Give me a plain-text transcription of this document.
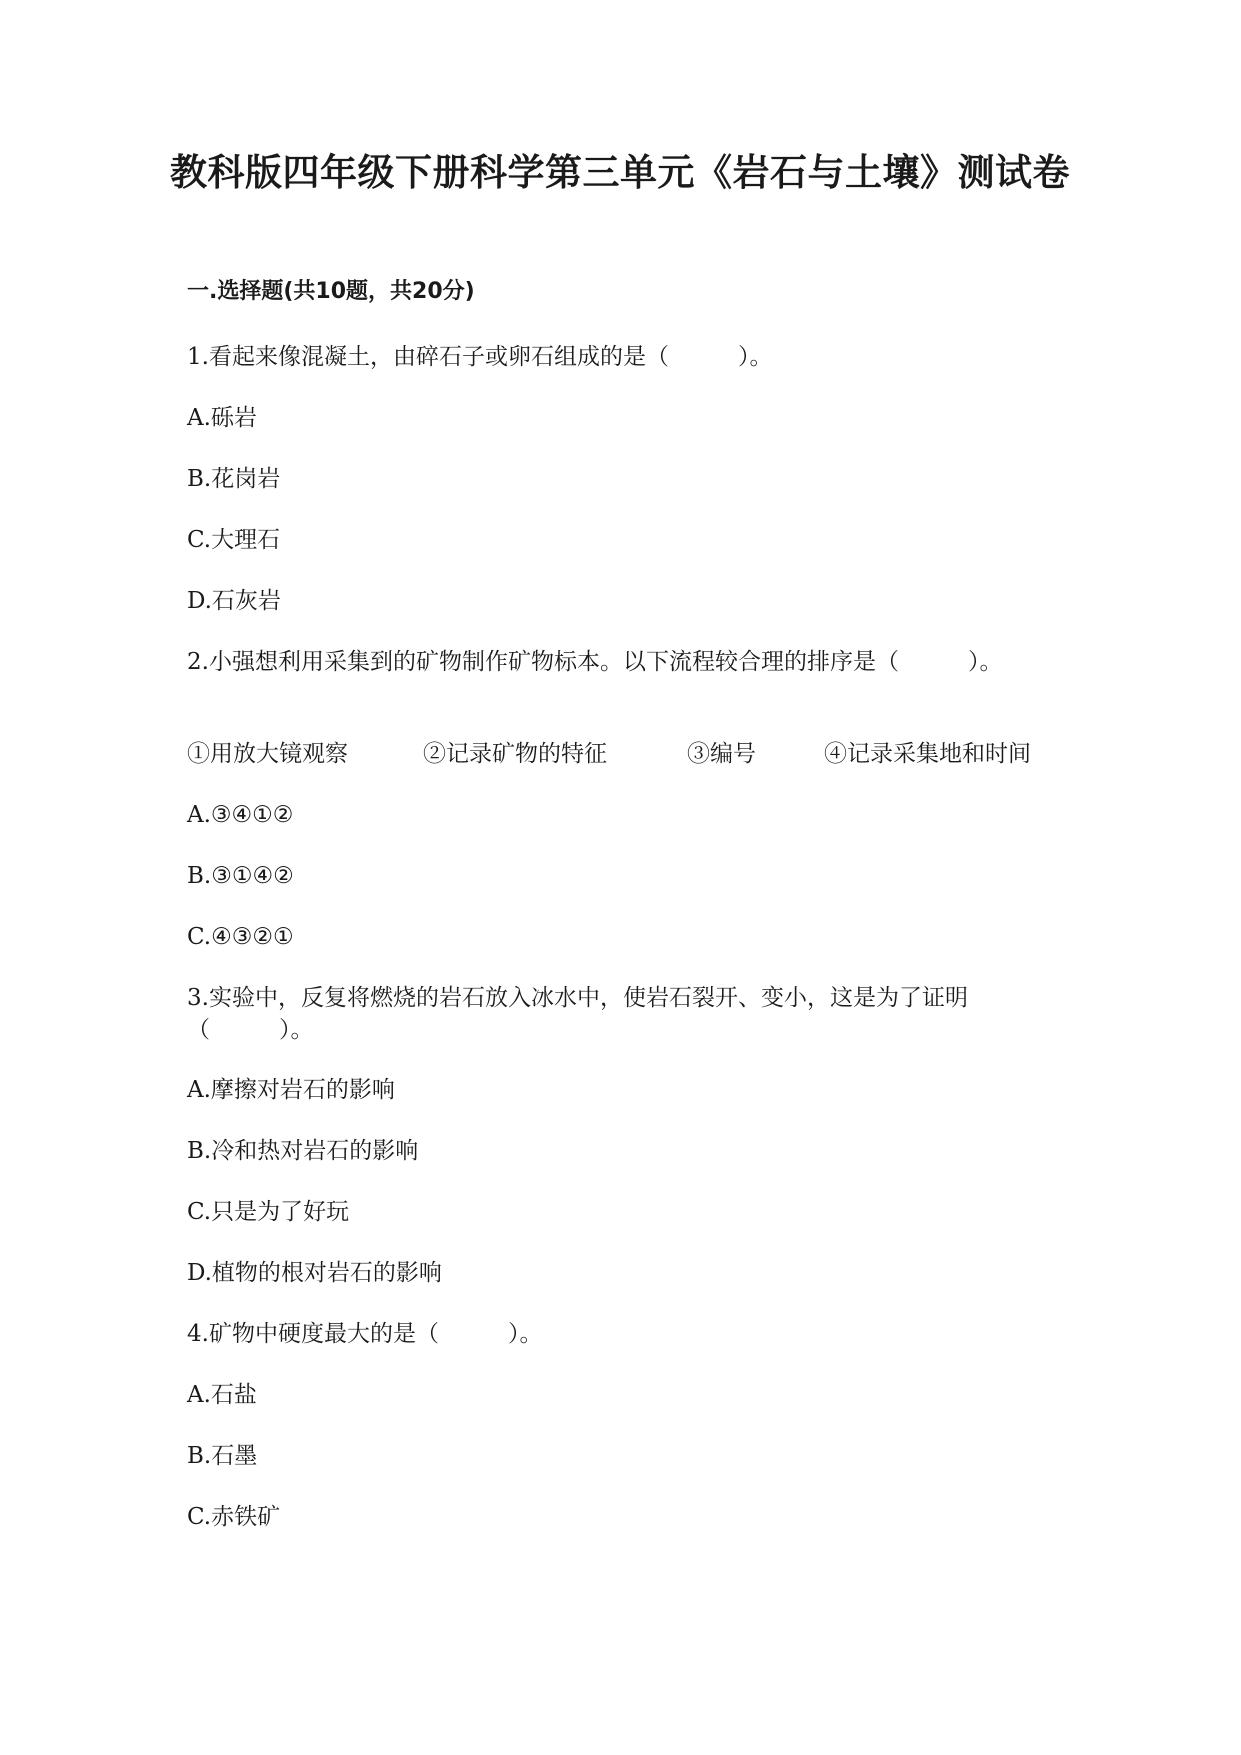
教科版四年级下册科学第三单元《岩石与土壤》测试卷
一.选择题(共10题，共20分)
1.看起来像混凝土，由碎石子或卵石组成的是（　　　）。
A.砾岩
B.花岗岩
C.大理石
D.石灰岩
2.小强想利用采集到的矿物制作矿物标本。以下流程较合理的排序是（　　　）。
①用放大镜观察	②记录矿物的特征	③编号	④记录采集地和时间
A.③④①②
B.③①④②
C.④③②①
3.实验中，反复将燃烧的岩石放入冰水中，使岩石裂开、变小，这是为了证明（　　　）。
A.摩擦对岩石的影响
B.冷和热对岩石的影响
C.只是为了好玩
D.植物的根对岩石的影响
4.矿物中硬度最大的是（　　　）。
A.石盐
B.石墨
C.赤铁矿
